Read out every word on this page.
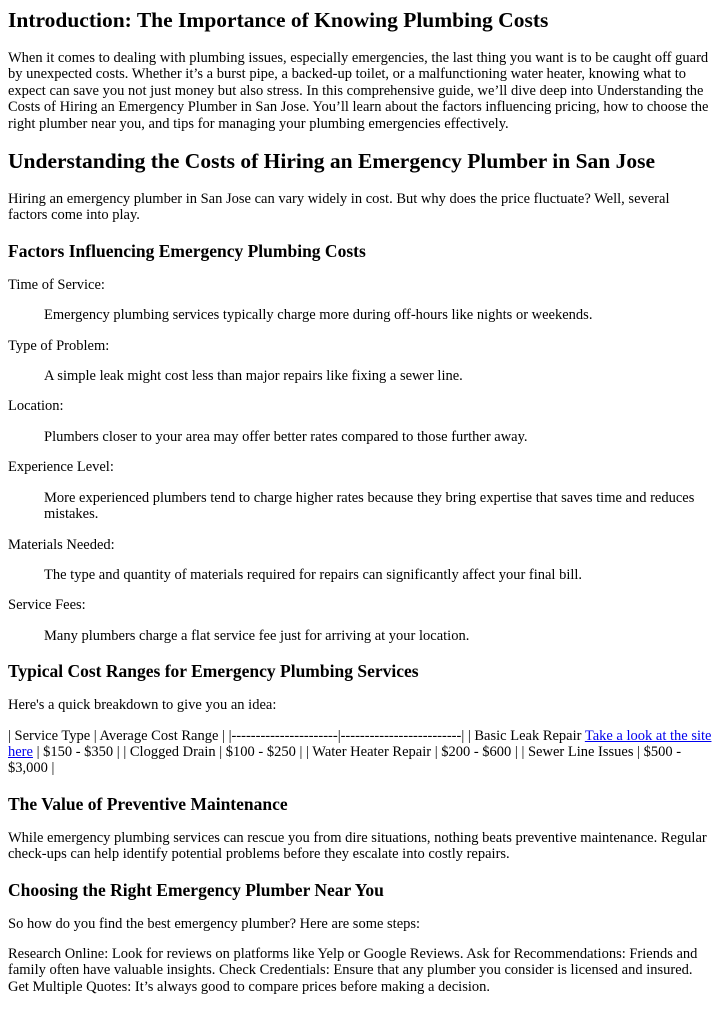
Introduction: The Importance of Knowing Plumbing Costs

When it comes to dealing with plumbing issues, especially emergencies, the last thing you want is to be caught off guard by unexpected costs. Whether it’s a burst pipe, a backed-up toilet, or a malfunctioning water heater, knowing what to expect can save you not just money but also stress. In this comprehensive guide, we’ll dive deep into Understanding the Costs of Hiring an Emergency Plumber in San Jose. You’ll learn about the factors influencing pricing, how to choose the right plumber near you, and tips for managing your plumbing emergencies effectively.

Understanding the Costs of Hiring an Emergency Plumber in San Jose

Hiring an emergency plumber in San Jose can vary widely in cost. But why does the price fluctuate? Well, several factors come into play.

Factors Influencing Emergency Plumbing Costs
Time of Service:
Emergency plumbing services typically charge more during off-hours like nights or weekends.
Type of Problem:
A simple leak might cost less than major repairs like fixing a sewer line.
Location:
Plumbers closer to your area may offer better rates compared to those further away.
Experience Level:
More experienced plumbers tend to charge higher rates because they bring expertise that saves time and reduces mistakes.
Materials Needed:
The type and quantity of materials required for repairs can significantly affect your final bill.
Service Fees:
Many plumbers charge a flat service fee just for arriving at your location.
Typical Cost Ranges for Emergency Plumbing Services

Here's a quick breakdown to give you an idea:

| Service Type | Average Cost Range | |----------------------|-------------------------| | Basic Leak Repair Take a look at the site here | $150 - $350 | | Clogged Drain | $100 - $250 | | Water Heater Repair | $200 - $600 | | Sewer Line Issues | $500 - $3,000 |

The Value of Preventive Maintenance

While emergency plumbing services can rescue you from dire situations, nothing beats preventive maintenance. Regular check-ups can help identify potential problems before they escalate into costly repairs.

Choosing the Right Emergency Plumber Near You

So how do you find the best emergency plumber? Here are some steps:

Research Online: Look for reviews on platforms like Yelp or Google Reviews. Ask for Recommendations: Friends and family often have valuable insights. Check Credentials: Ensure that any plumber you consider is licensed and insured. Get Multiple Quotes: It’s always good to compare prices before making a decision.
